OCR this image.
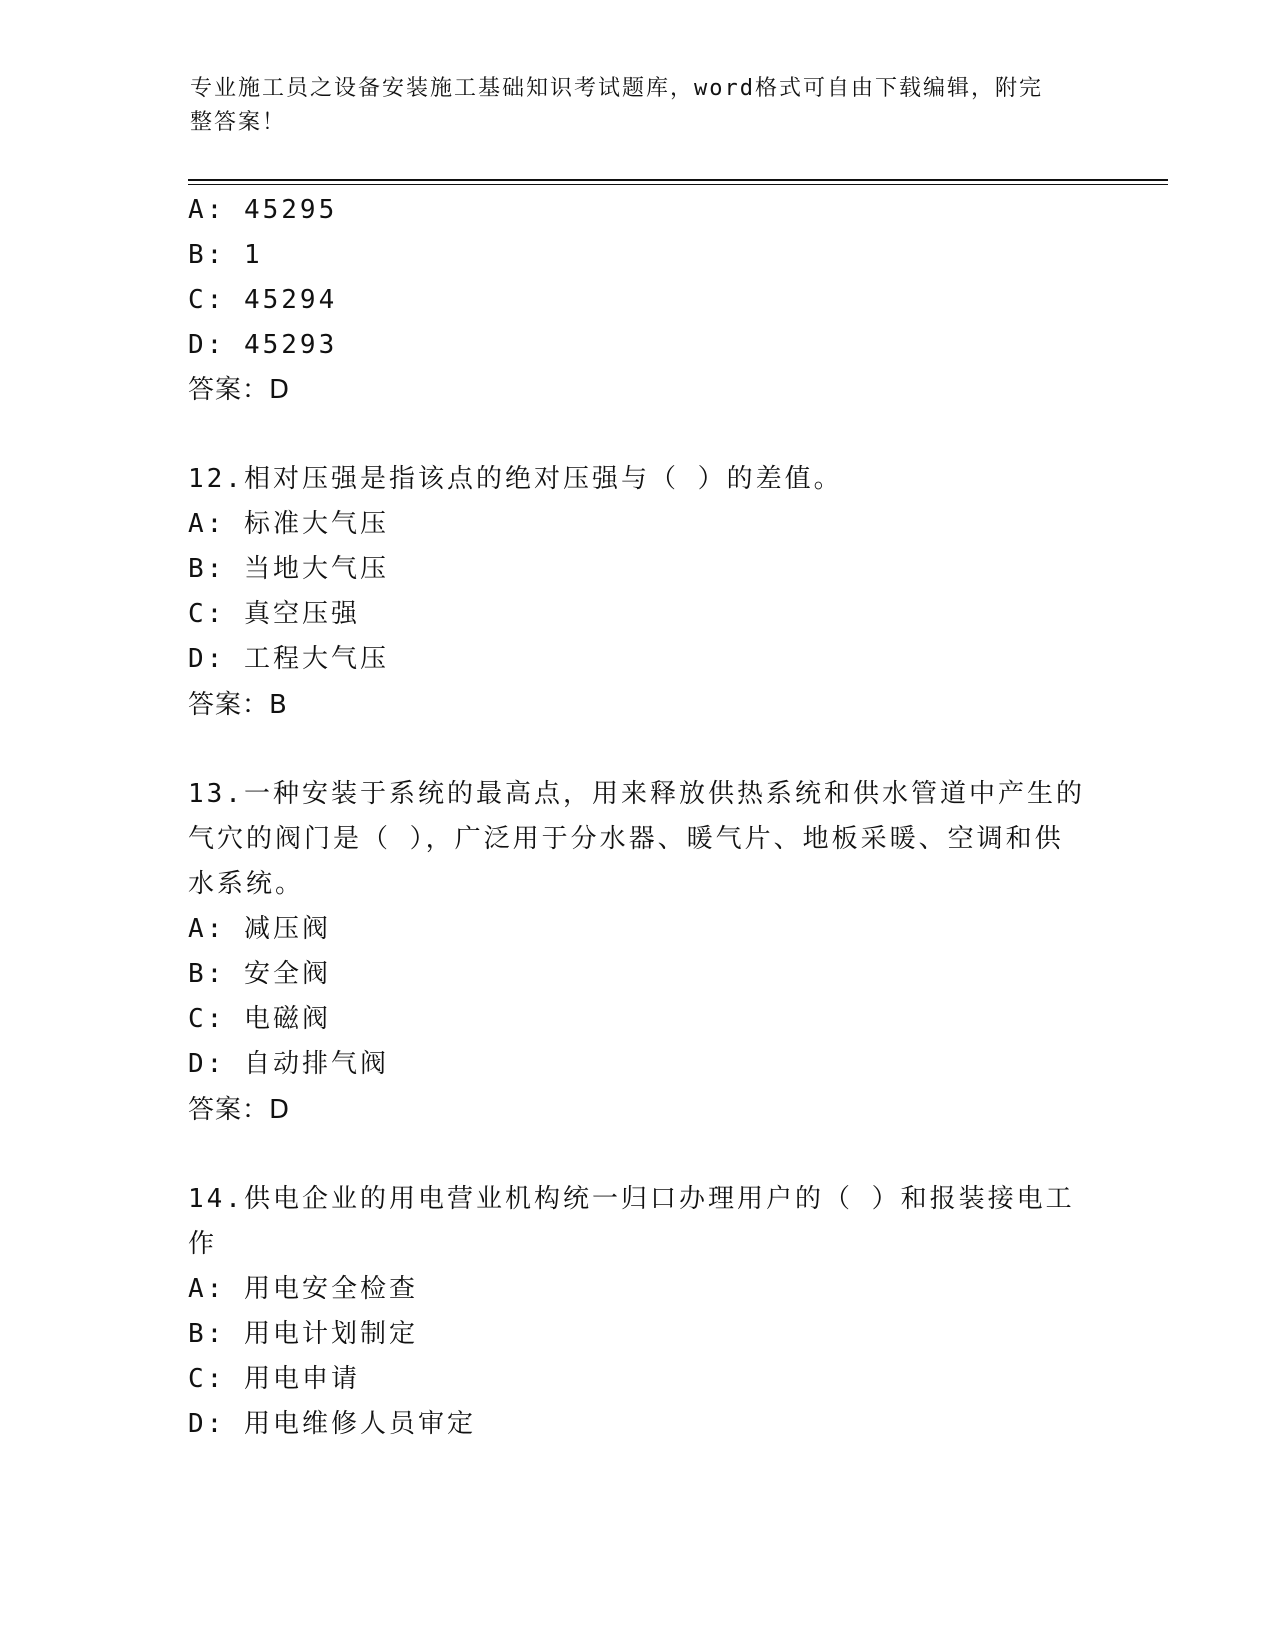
专业施工员之设备安装施工基础知识考试题库，word格式可自由下载编辑，附完
整答案！
A: 45295
B: 1
C: 45294
D: 45293
答案：D
12.相对压强是指该点的绝对压强与（ ）的差值。
A: 标准大气压
B: 当地大气压
C: 真空压强
D: 工程大气压
答案：B
13.一种安装于系统的最高点，用来释放供热系统和供水管道中产生的
气穴的阀门是（ ），广泛用于分水器、暖气片、地板采暖、空调和供
水系统。
A: 减压阀
B: 安全阀
C: 电磁阀
D: 自动排气阀
答案：D
14.供电企业的用电营业机构统一归口办理用户的（ ）和报装接电工
作
A: 用电安全检查
B: 用电计划制定
C: 用电申请
D: 用电维修人员审定
